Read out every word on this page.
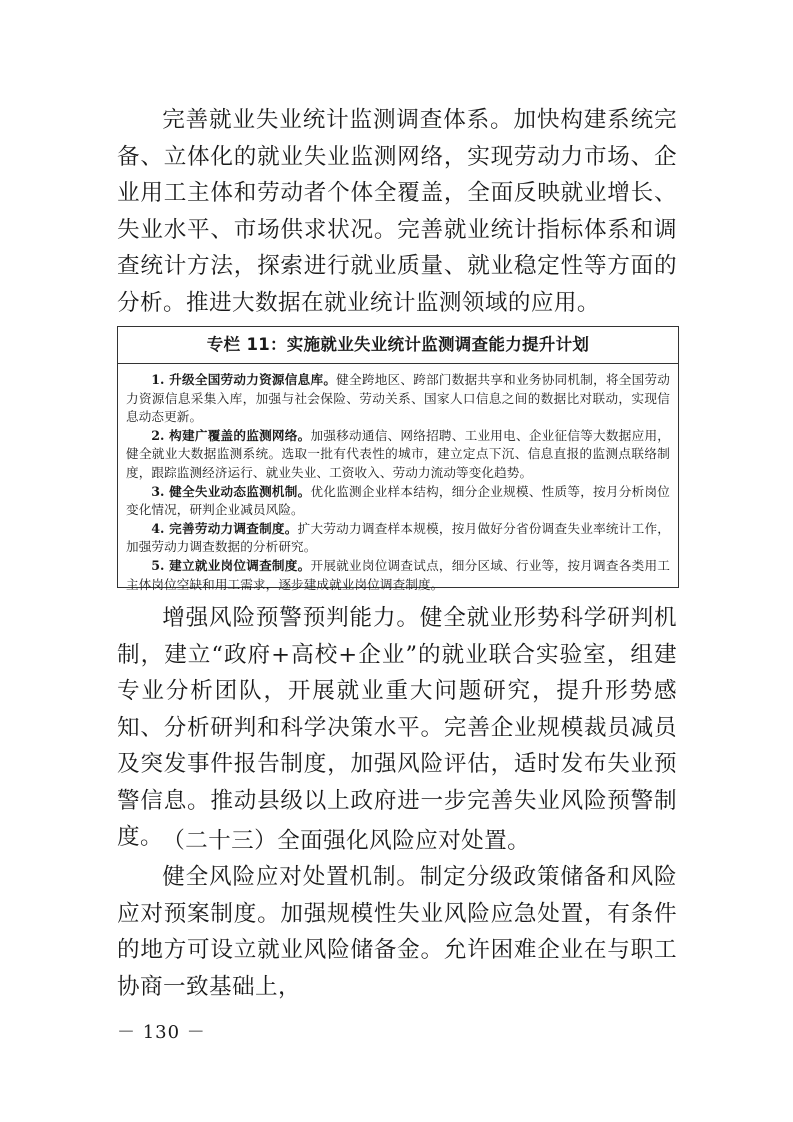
完善就业失业统计监测调查体系。加快构建系统完备、立体化的就业失业监测网络，实现劳动力市场、企业用工主体和劳动者个体全覆盖，全面反映就业增长、失业水平、市场供求状况。完善就业统计指标体系和调查统计方法，探索进行就业质量、就业稳定性等方面的分析。推进大数据在就业统计监测领域的应用。

专栏 11：实施就业失业统计监测调查能力提升计划

1. 升级全国劳动力资源信息库。健全跨地区、跨部门数据共享和业务协同机制，将全国劳动力资源信息采集入库，加强与社会保险、劳动关系、国家人口信息之间的数据比对联动，实现信息动态更新。

2. 构建广覆盖的监测网络。加强移动通信、网络招聘、工业用电、企业征信等大数据应用，健全就业大数据监测系统。选取一批有代表性的城市，建立定点下沉、信息直报的监测点联络制度，跟踪监测经济运行、就业失业、工资收入、劳动力流动等变化趋势。

3. 健全失业动态监测机制。优化监测企业样本结构，细分企业规模、性质等，按月分析岗位变化情况，研判企业减员风险。

4. 完善劳动力调查制度。扩大劳动力调查样本规模，按月做好分省份调查失业率统计工作，加强劳动力调查数据的分析研究。

5. 建立就业岗位调查制度。开展就业岗位调查试点，细分区域、行业等，按月调查各类用工主体岗位空缺和用工需求，逐步建成就业岗位调查制度。

增强风险预警预判能力。健全就业形势科学研判机制，建立“政府+高校+企业”的就业联合实验室，组建专业分析团队，开展就业重大问题研究，提升形势感知、分析研判和科学决策水平。完善企业规模裁员减员及突发事件报告制度，加强风险评估，适时发布失业预警信息。推动县级以上政府进一步完善失业风险预警制度。 （二十三）全面强化风险应对处置。

健全风险应对处置机制。制定分级政策储备和风险应对预案制度。加强规模性失业风险应急处置，有条件的地方可设立就业风险储备金。允许困难企业在与职工协商一致基础上，

－ 130 －
